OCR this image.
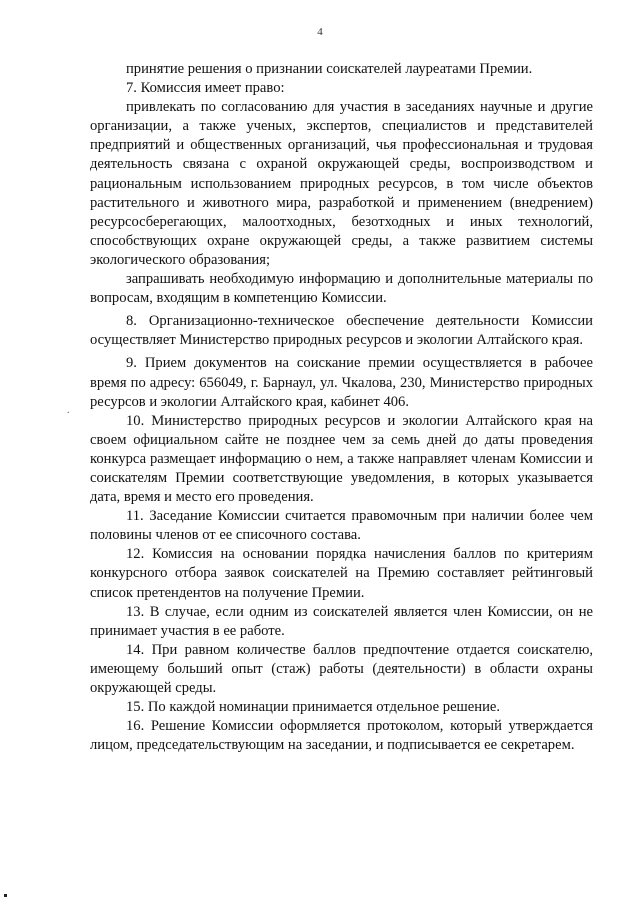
4
.

принятие решения о признании соискателей лауреатами Премии.

7. Комиссия имеет право:

привлекать по согласованию для участия в заседаниях научные и другие организации, а также ученых, экспертов, специалистов и представителей предприятий и общественных организаций, чья профессиональная и трудовая деятельность связана с охраной окружающей среды, воспроизводством и рациональным использованием природных ресурсов, в том числе объектов растительного и животного мира, разработкой и применением (внедрением) ресурсосберегающих, малоотходных, безотходных и иных технологий, способствующих охране окружающей среды, а также развитием системы экологического образования;

запрашивать необходимую информацию и дополнительные материалы по вопросам, входящим в компетенцию Комиссии.

8. Организационно-техническое обеспечение деятельности Комиссии осуществляет Министерство природных ресурсов и экологии Алтайского края.

9. Прием документов на соискание премии осуществляется в рабочее время по адресу: 656049, г. Барнаул, ул. Чкалова, 230, Министерство природных ресурсов и экологии Алтайского края, кабинет 406.

10. Министерство природных ресурсов и экологии Алтайского края на своем официальном сайте не позднее чем за семь дней до даты проведения конкурса размещает информацию о нем, а также направляет членам Комиссии и соискателям Премии соответствующие уведомления, в которых указывается дата, время и место его проведения.

11. Заседание Комиссии считается правомочным при наличии более чем половины членов от ее списочного состава.

12. Комиссия на основании порядка начисления баллов по критериям конкурсного отбора заявок соискателей на Премию составляет рейтинговый список претендентов на получение Премии.

13. В случае, если одним из соискателей является член Комиссии, он не принимает участия в ее работе.

14. При равном количестве баллов предпочтение отдается соискателю, имеющему больший опыт (стаж) работы (деятельности) в области охраны окружающей среды.

15. По каждой номинации принимается отдельное решение.

16. Решение Комиссии оформляется протоколом, который утверждается лицом, председательствующим на заседании, и подписывается ее секретарем.
